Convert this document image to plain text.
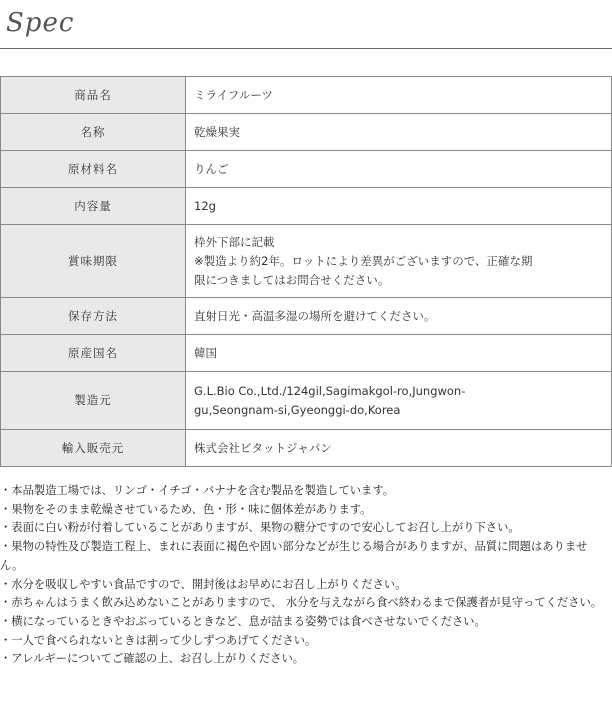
Spec
商品名	ミライフルーツ

名称	乾燥果実

原材料名	りんご

内容量	12g

賞味期限	枠外下部に記載
※製造より約2年。ロットにより差異がございますので、正確な期
限につきましてはお問合せください。

保存方法	直射日光・高温多湿の場所を避けてください。

原産国名	韓国

製造元	G.L.Bio Co.,Ltd./124gil,Sagimakgol-ro,Jungwon-
gu,Seongnam-si,Gyeonggi-do,Korea

輸入販売元	株式会社ビタットジャパン

・本品製造工場では、リンゴ・イチゴ・バナナを含む製品を製造しています。

・果物をそのまま乾燥させているため、色・形・味に個体差があります。

・表面に白い粉が付着していることがありますが、果物の糖分ですので安心してお召し上がり下さい。

・果物の特性及び製造工程上、まれに表面に褐色や固い部分などが生じる場合がありますが、品質に問題はありません。

・水分を吸収しやすい食品ですので、開封後はお早めにお召し上がりください。

・赤ちゃんはうまく飲み込めないことがありますので、 水分を与えながら食べ終わるまで保護者が見守ってください。

・横になっているときやおぶっているときなど、息が詰まる姿勢では食べさせないでください。

・一人で食べられないときは割って少しずつあげてください。

・アレルギーについてご確認の上、お召し上がりください。
